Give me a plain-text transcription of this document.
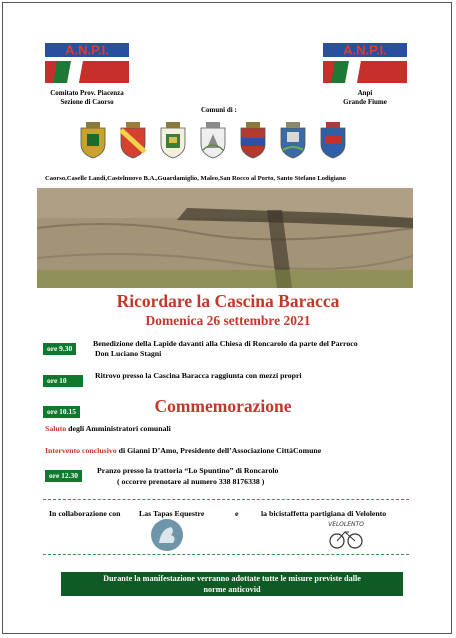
A.N.P.I.
Comitato Prov. Piacenza
Sezione di Caorso
A.N.P.I.
Anpi
Grande Fiume
Comuni di :
Caorso,Caselle Landi,Castelnuovo B.A.,Guardamiglio, Maleo,San Rocco al Porto, Santo Stefano Lodigiano
Ricordare la Cascina Baracca
Domenica 26 settembre 2021
ore 9.30
Benedizione della Lapide davanti alla Chiesa di Roncarolo da parte del Parroco
Don Luciano Stagni
ore 10
Ritrovo presso la Cascina Baracca raggiunta con mezzi propri
ore 10.15	Commemorazione
Saluto degli Amministratori comunali
Intervento conclusivo di Gianni D’Amo, Presidente dell’Associazione CittàComune
ore 12.30
Pranzo presso la trattoria “Lo Spuntino” di Roncarolo
( occorre prenotare al numero 338 8176338 )
In collaborazione con Las Tapas Equestre	e	la bicistaffetta partigiana di Velolento
VELOLENTO
Durante la manifestazione verranno adottate tutte le misure previste dalle
norme anticovid
